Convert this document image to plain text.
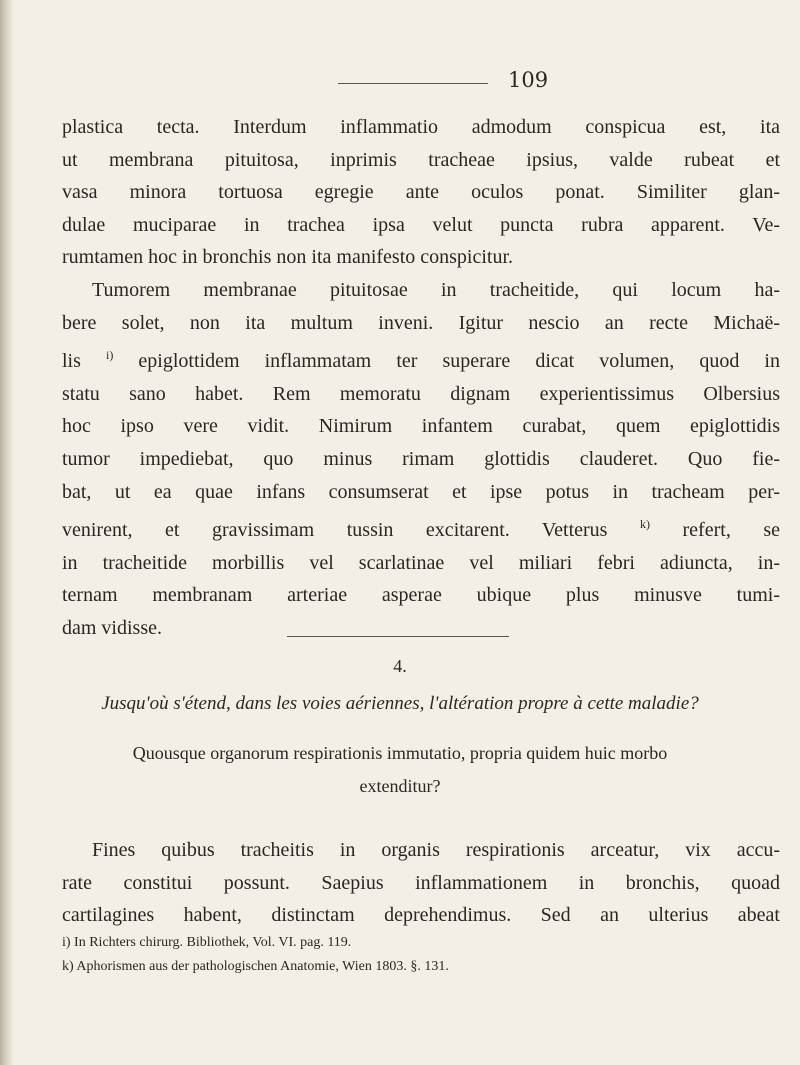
109

plastica tecta. Interdum inflammatio admodum conspicua est, ita
ut membrana pituitosa, inprimis tracheae ipsius, valde rubeat et
vasa minora tortuosa egregie ante oculos ponat. Similiter glan-
dulae muciparae in trachea ipsa velut puncta rubra apparent. Ve-
rumtamen hoc in bronchis non ita manifesto conspicitur.

Tumorem membranae pituitosae in tracheitide, qui locum ha-
bere solet, non ita multum inveni. Igitur nescio an recte Michaë-
lis $^{i)}$ epiglottidem inflammatam ter superare dicat volumen, quod in
statu sano habet. Rem memoratu dignam experientissimus Olbersius
hoc ipso vere vidit. Nimirum infantem curabat, quem epiglottidis
tumor impediebat, quo minus rimam glottidis clauderet. Quo fie-
bat, ut ea quae infans consumserat et ipse potus in tracheam per-
venirent, et gravissimam tussin excitarent. Vetterus $^{k)}$ refert, se
in tracheitide morbillis vel scarlatinae vel miliari febri adiuncta, in-
ternam membranam arteriae asperae ubique plus minusve tumi-
dam vidisse.

4.
Jusqu'où s'étend, dans les voies aériennes, l'altération propre à cette maladie?
Quousque organorum respirationis immutatio, propria quidem huic morbo
extenditur?
Fines quibus tracheitis in organis respirationis arceatur, vix accu-
rate constitui possunt. Saepius inflammationem in bronchis, quoad
cartilagines habent, distinctam deprehendimus. Sed an ulterius abeat
i) In Richters chirurg. Bibliothek, Vol. VI. pag. 119.
k) Aphorismen aus der pathologischen Anatomie, Wien 1803. §. 131.
